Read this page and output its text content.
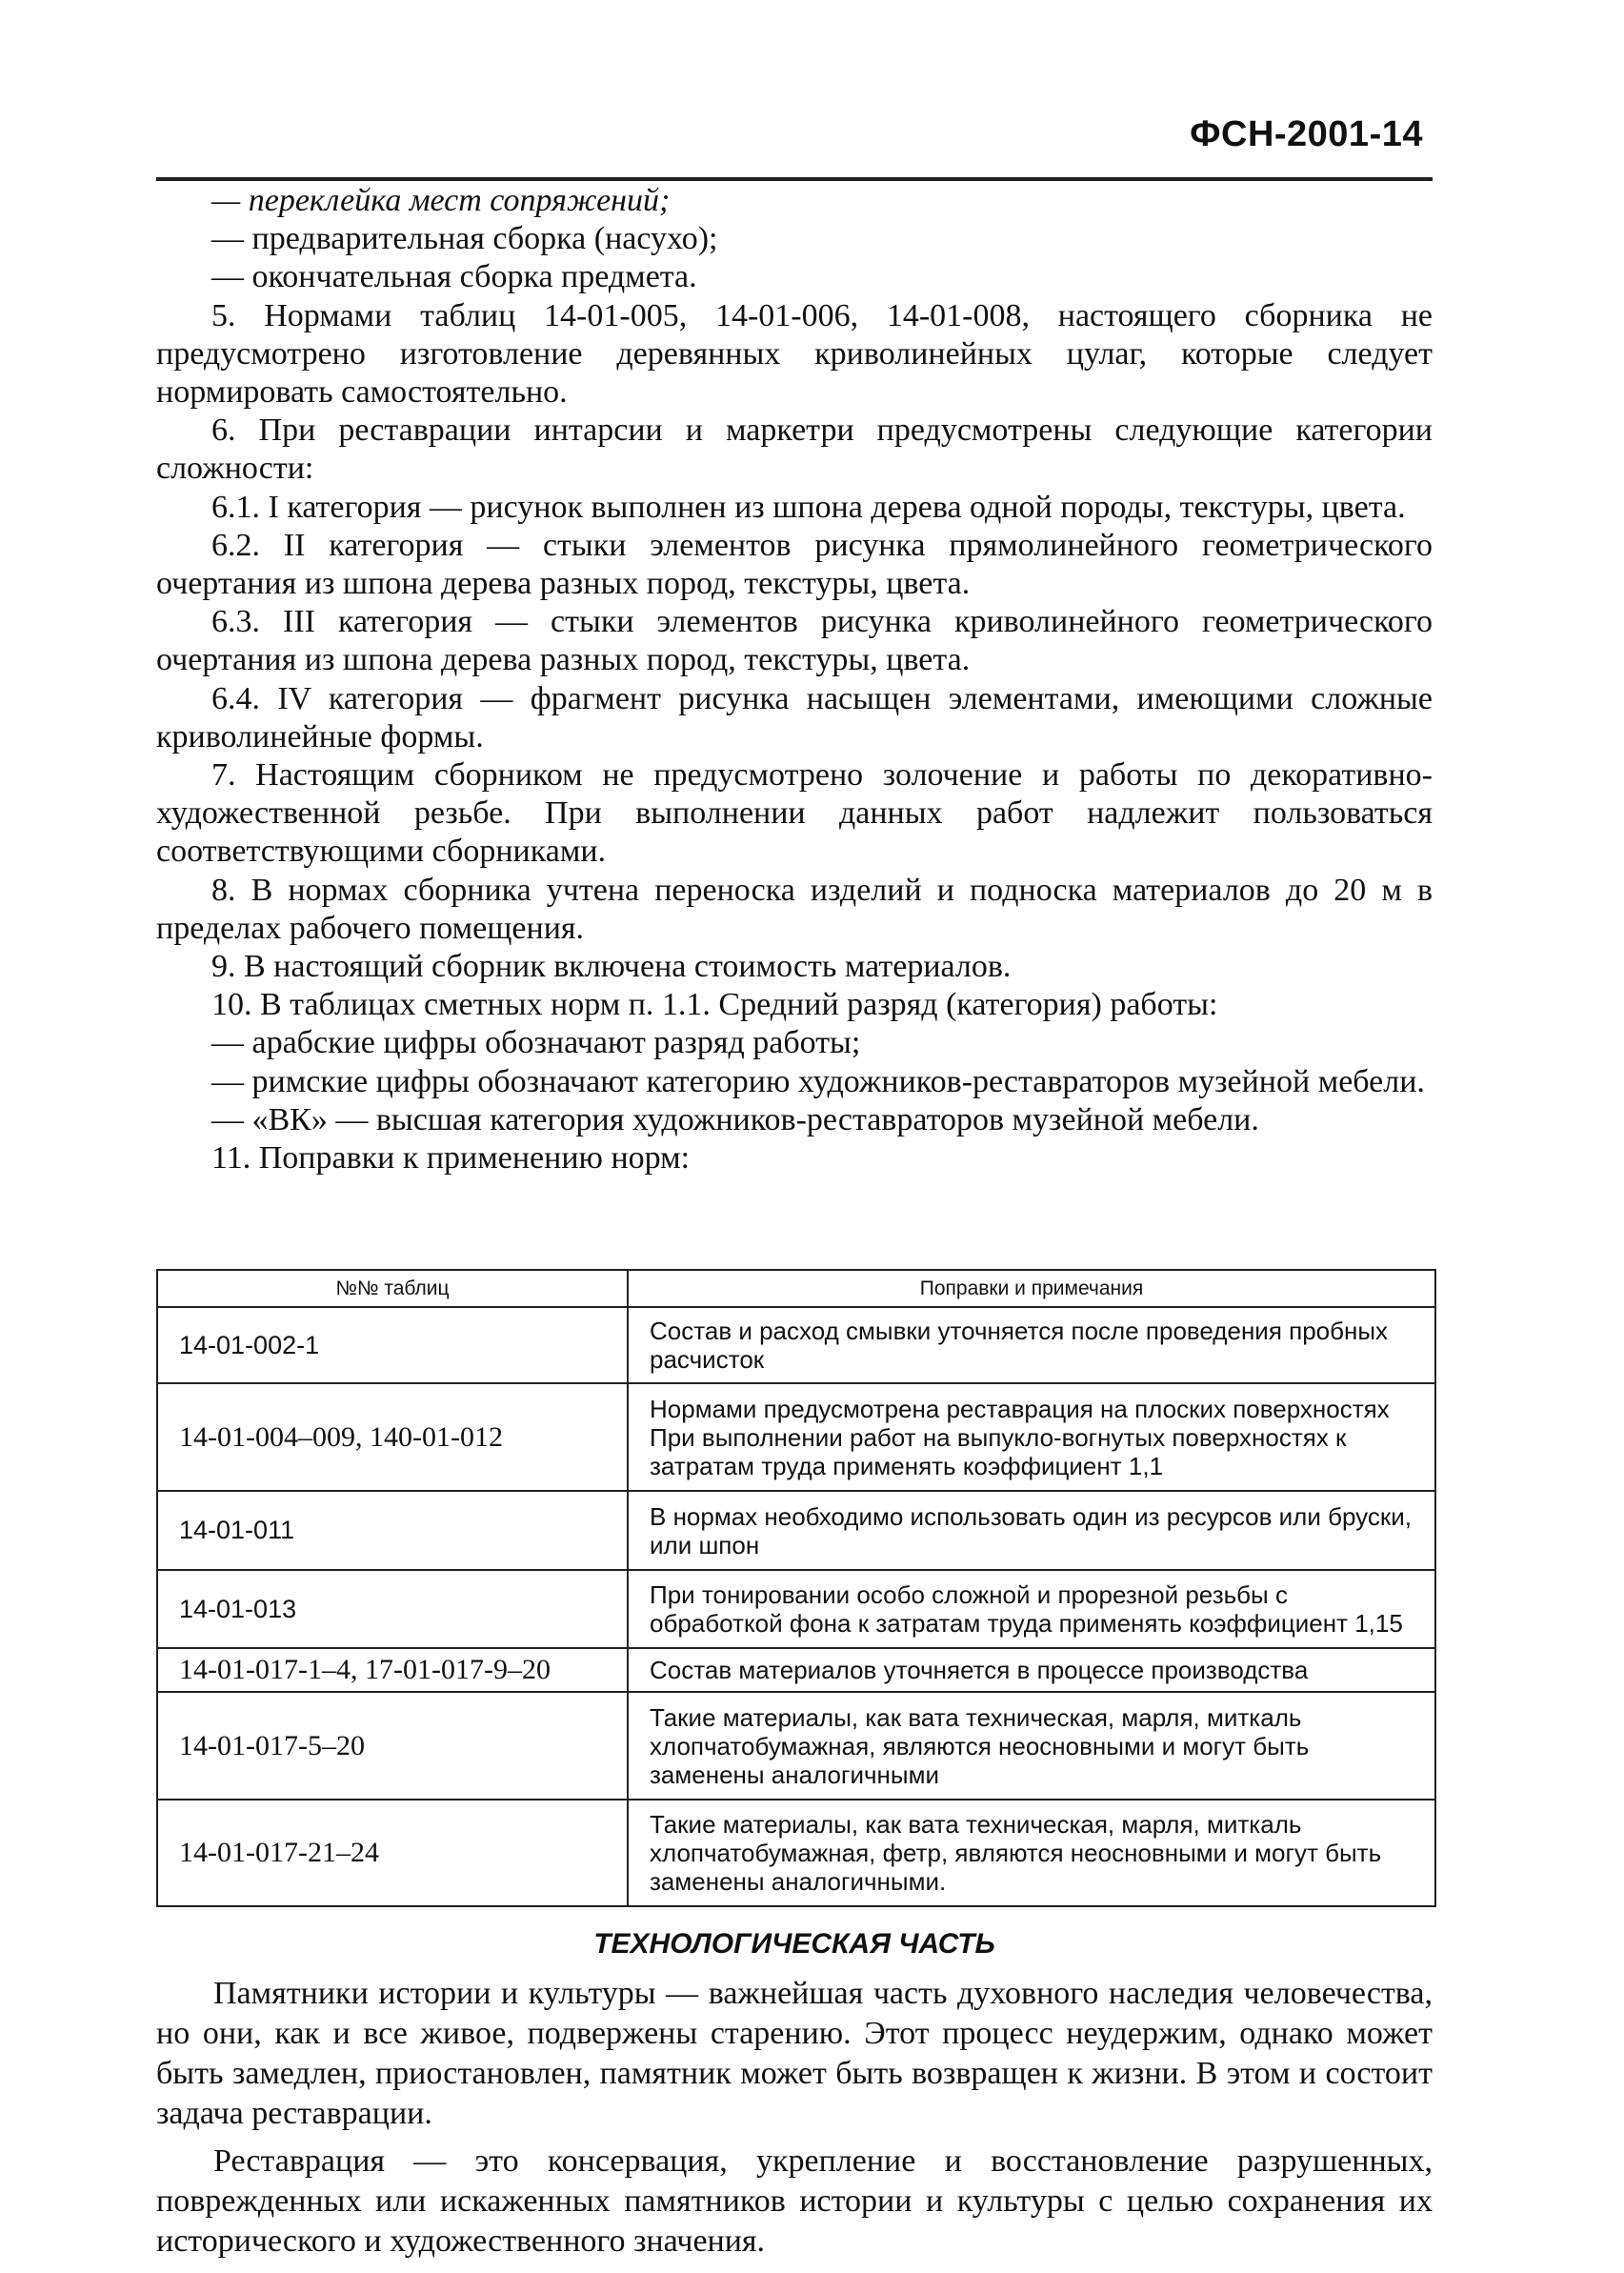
ФСН-2001-14

— переклейка мест сопряжений;

— предварительная сборка (насухо);

— окончательная сборка предмета.

5. Нормами таблиц 14-01-005, 14-01-006, 14-01-008, настоящего сборника не предусмотрено изготовление деревянных криволинейных цулаг, которые следует нормировать самостоятельно.

6. При реставрации интарсии и маркетри предусмотрены следующие категории сложности:

6.1. I категория — рисунок выполнен из шпона дерева одной породы, текстуры, цвета.

6.2. II категория — стыки элементов рисунка прямолинейного геометрического очертания из шпона дерева разных пород, текстуры, цвета.

6.3. III категория — стыки элементов рисунка криволинейного геометрического очертания из шпона дерева разных пород, текстуры, цвета.

6.4. IV категория — фрагмент рисунка насыщен элементами, имеющими сложные криволинейные формы.

7. Настоящим сборником не предусмотрено золочение и работы по декоративно-художественной резьбе. При выполнении данных работ надлежит пользоваться соответствующими сборниками.

8. В нормах сборника учтена переноска изделий и подноска материалов до 20 м в пределах рабочего помещения.

9. В настоящий сборник включена стоимость материалов.

10. В таблицах сметных норм п. 1.1. Средний разряд (категория) работы:

— арабские цифры обозначают разряд работы;

— римские цифры обозначают категорию художников-реставраторов музейной мебели.

— «ВК» — высшая категория художников-реставраторов музейной мебели.

11. Поправки к применению норм:

№№ таблиц	Поправки и примечания
14-01-002-1	Состав и расход смывки уточняется после проведения пробных расчисток
14-01-004–009, 140-01-012	Нормами предусмотрена реставрация на плоских поверхностях При выполнении работ на выпукло-вогнутых поверхностях к затратам труда применять коэффициент 1,1
14-01-011	В нормах необходимо использовать один из ресурсов или бруски, или шпон
14-01-013	При тонировании особо сложной и прорезной резьбы с обработкой фона к затратам труда применять коэффициент 1,15
14-01-017-1–4, 17-01-017-9–20	Состав материалов уточняется в процессе производства
14-01-017-5–20	Такие материалы, как вата техническая, марля, миткаль хлопчатобумажная, являются неосновными и могут быть заменены аналогичными
14-01-017-21–24	Такие материалы, как вата техническая, марля, миткаль хлопчатобумажная, фетр, являются неосновными и могут быть заменены аналогичными.
ТЕХНОЛОГИЧЕСКАЯ ЧАСТЬ

Памятники истории и культуры — важнейшая часть духовного наследия человечества, но они, как и все живое, подвержены старению. Этот процесс неудержим, однако может быть замедлен, приостановлен, памятник может быть возвращен к жизни. В этом и состоит задача реставрации.

Реставрация — это консервация, укрепление и восстановление разрушенных, поврежденных или искаженных памятников истории и культуры с целью сохранения их исторического и художественного значения.
